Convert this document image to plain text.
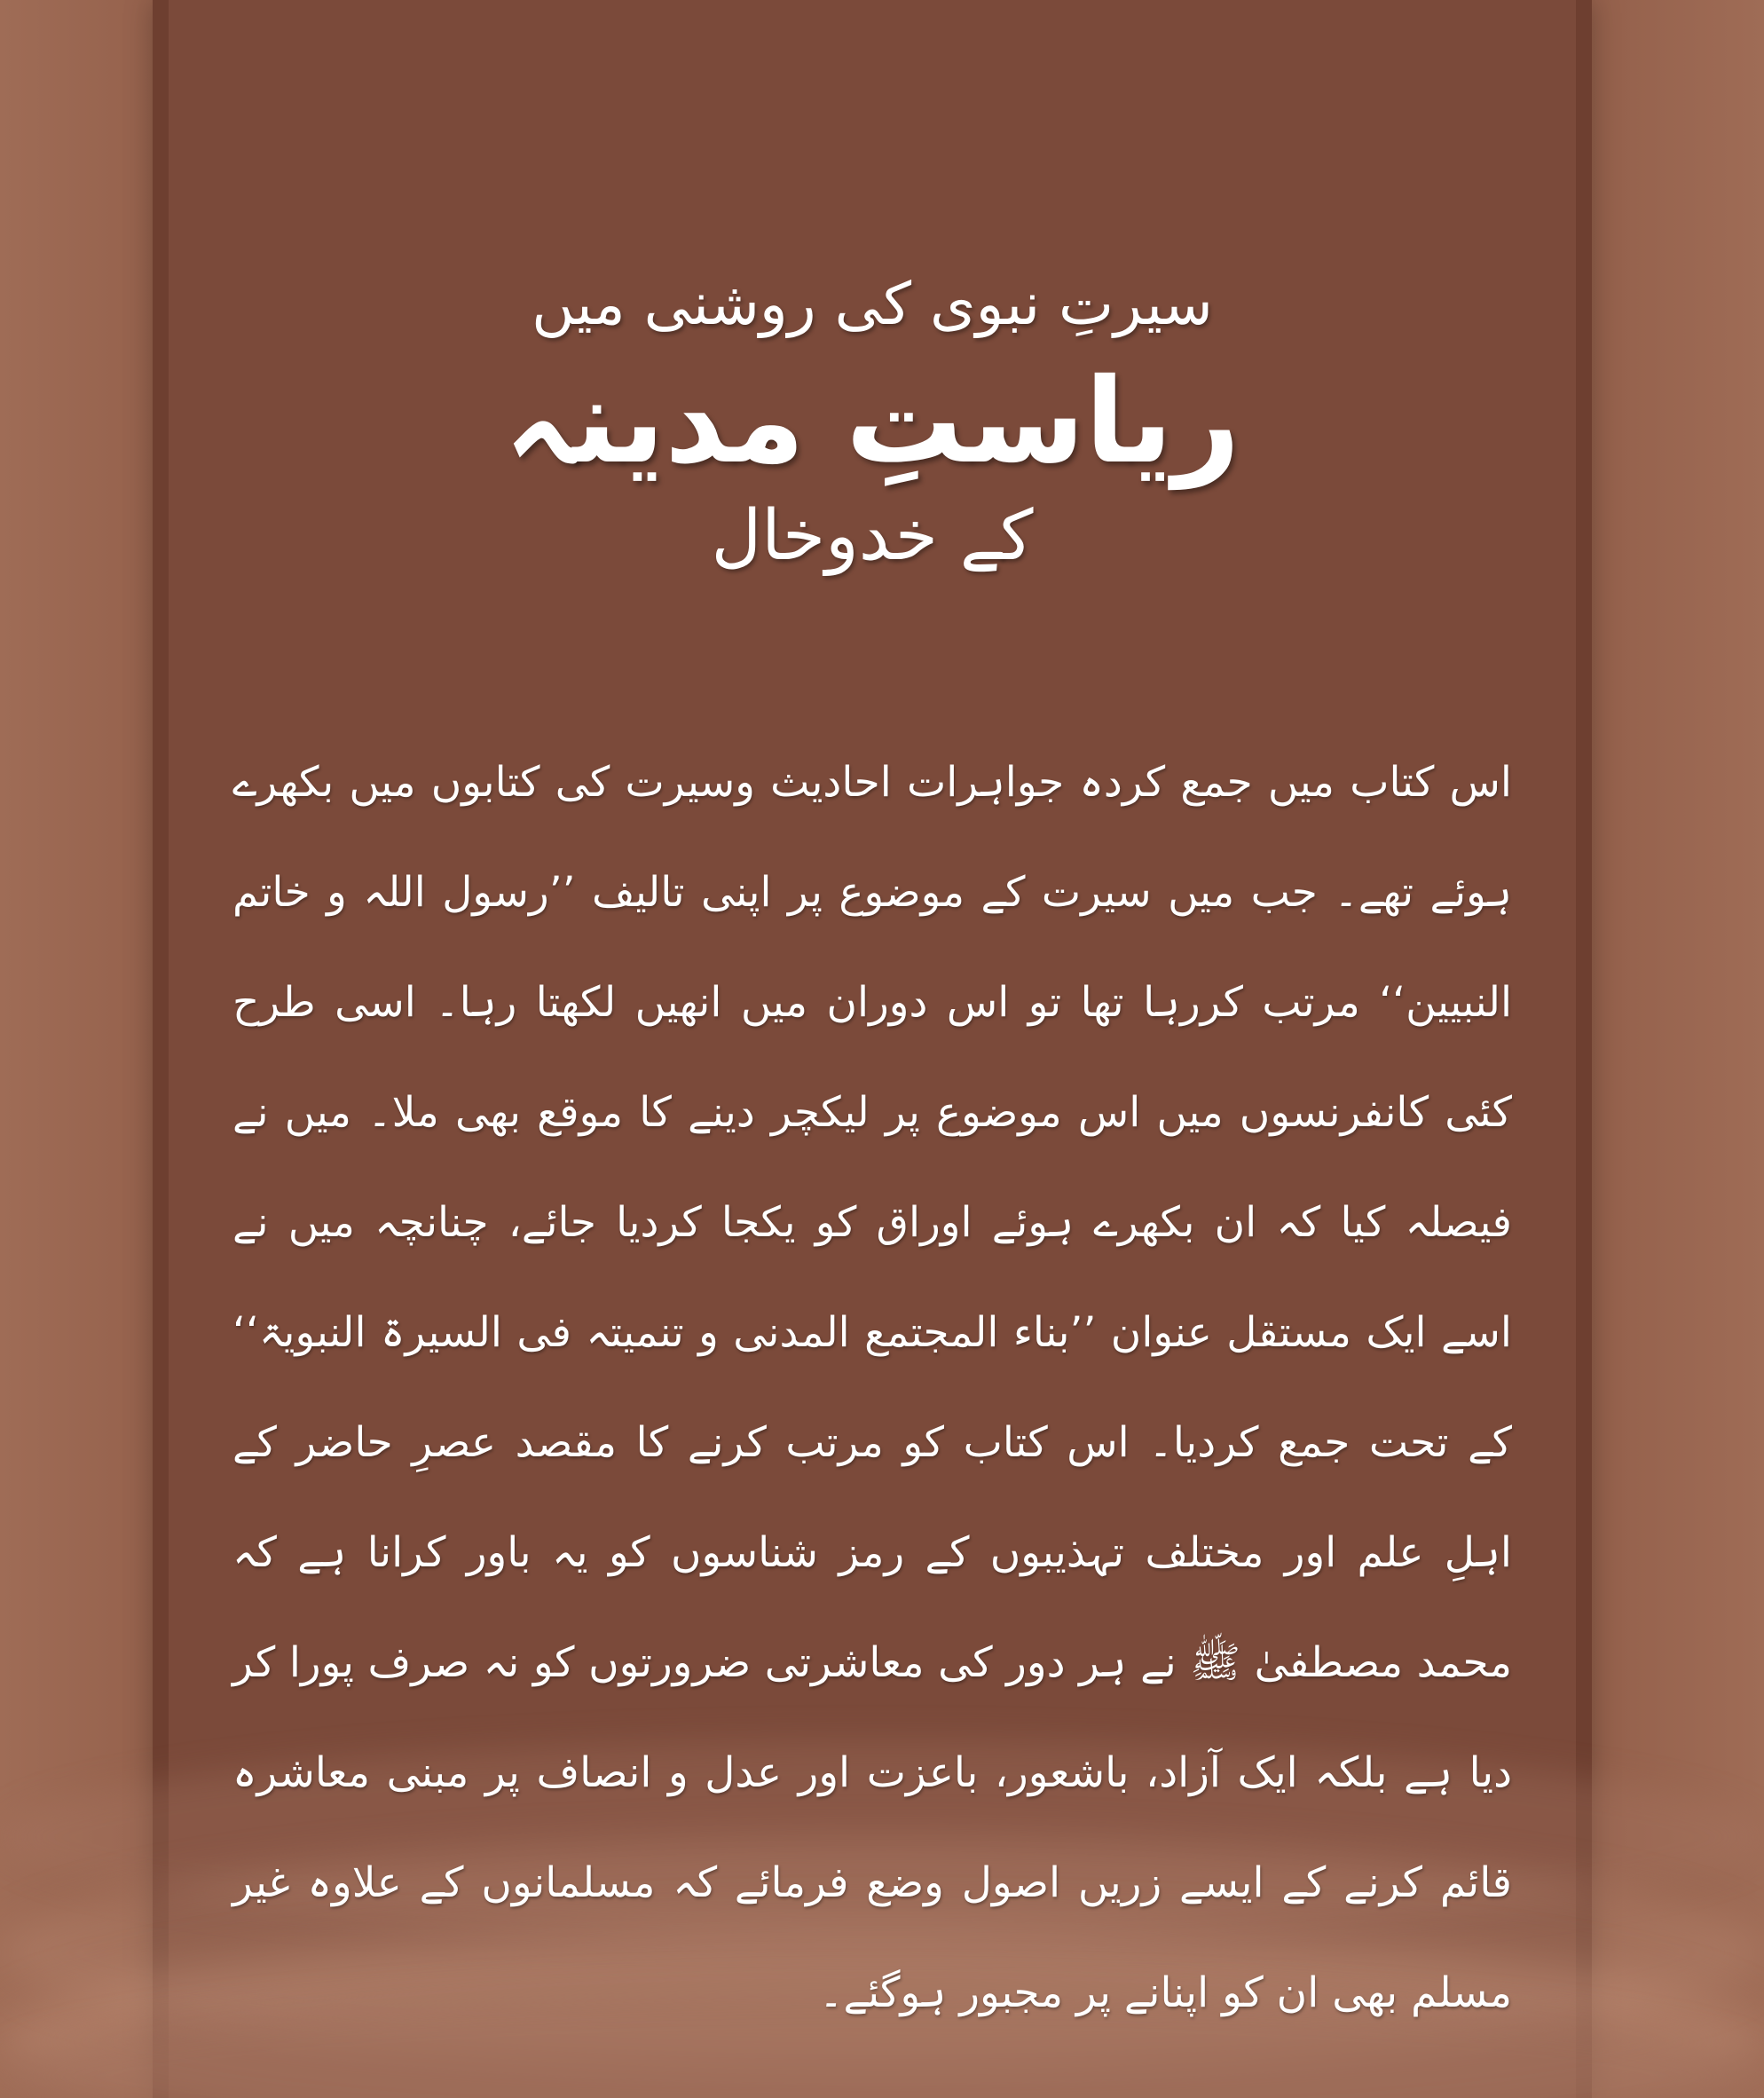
سیرتِ نبوی کی روشنی میں
ریاستِ مدینہ
کے خدوخال

اس کتاب میں جمع کردہ جواہرات احادیث وسیرت کی کتابوں میں بکھرے ہوئے تھے۔ جب میں سیرت کے موضوع پر اپنی تالیف ’’رسول اللہ و خاتم النبیین‘‘ مرتب کررہا تھا تو اس دوران میں انھیں لکھتا رہا۔ اسی طرح کئی کانفرنسوں میں اس موضوع پر لیکچر دینے کا موقع بھی ملا۔ میں نے فیصلہ کیا کہ ان بکھرے ہوئے اوراق کو یکجا کردیا جائے، چنانچہ میں نے اسے ایک مستقل عنوان ’’بناء المجتمع المدنی و تنمیتہ فی السیرۃ النبویۃ‘‘ کے تحت جمع کردیا۔ اس کتاب کو مرتب کرنے کا مقصد عصرِ حاضر کے اہلِ علم اور مختلف تہذیبوں کے رمز شناسوں کو یہ باور کرانا ہے کہ محمد مصطفیٰ ﷺ نے ہر دور کی معاشرتی ضرورتوں کو نہ صرف پورا کر دیا ہے بلکہ ایک آزاد، باشعور، باعزت اور عدل و انصاف پر مبنی معاشرہ قائم کرنے کے ایسے زریں اصول وضع فرمائے کہ مسلمانوں کے علاوہ غیر مسلم بھی ان کو اپنانے پر مجبور ہوگئے۔
